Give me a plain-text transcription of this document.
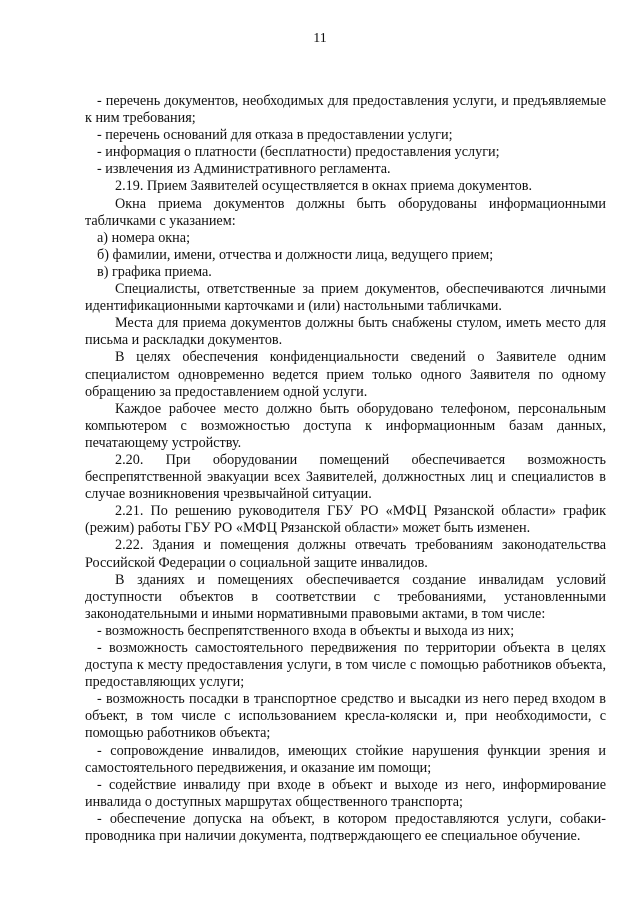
11

- перечень документов, необходимых для предоставления услуги, и предъявляемые к ним требования;

- перечень оснований для отказа в предоставлении услуги;

- информация о платности (бесплатности) предоставления услуги;

- извлечения из Административного регламента.

2.19. Прием Заявителей осуществляется в окнах приема документов.

Окна приема документов должны быть оборудованы информационными табличками с указанием:

а) номера окна;

б) фамилии, имени, отчества и должности лица, ведущего прием;

в) графика приема.

Специалисты, ответственные за прием документов, обеспечиваются личными идентификационными карточками и (или) настольными табличками.

Места для приема документов должны быть снабжены стулом, иметь место для письма и раскладки документов.

В целях обеспечения конфиденциальности сведений о Заявителе одним специалистом одновременно ведется прием только одного Заявителя по одному обращению за предоставлением одной услуги.

Каждое рабочее место должно быть оборудовано телефоном, персональным компьютером с возможностью доступа к информационным базам данных, печатающему устройству.

2.20. При оборудовании помещений обеспечивается возможность беспрепятственной эвакуации всех Заявителей, должностных лиц и специалистов в случае возникновения чрезвычайной ситуации.

2.21. По решению руководителя ГБУ РО «МФЦ Рязанской области» график (режим) работы ГБУ РО «МФЦ Рязанской области» может быть изменен.

2.22. Здания и помещения должны отвечать требованиям законодательства Российской Федерации о социальной защите инвалидов.

В зданиях и помещениях обеспечивается создание инвалидам условий доступности объектов в соответствии с требованиями, установленными законодательными и иными нормативными правовыми актами, в том числе:

- возможность беспрепятственного входа в объекты и выхода из них;

- возможность самостоятельного передвижения по территории объекта в целях доступа к месту предоставления услуги, в том числе с помощью работников объекта, предоставляющих услуги;

- возможность посадки в транспортное средство и высадки из него перед входом в объект, в том числе с использованием кресла-коляски и, при необходимости, с помощью работников объекта;

- сопровождение инвалидов, имеющих стойкие нарушения функции зрения и самостоятельного передвижения, и оказание им помощи;

- содействие инвалиду при входе в объект и выходе из него, информирование инвалида о доступных маршрутах общественного транспорта;

- обеспечение допуска на объект, в котором предоставляются услуги, собаки-проводника при наличии документа, подтверждающего ее специальное обучение.
